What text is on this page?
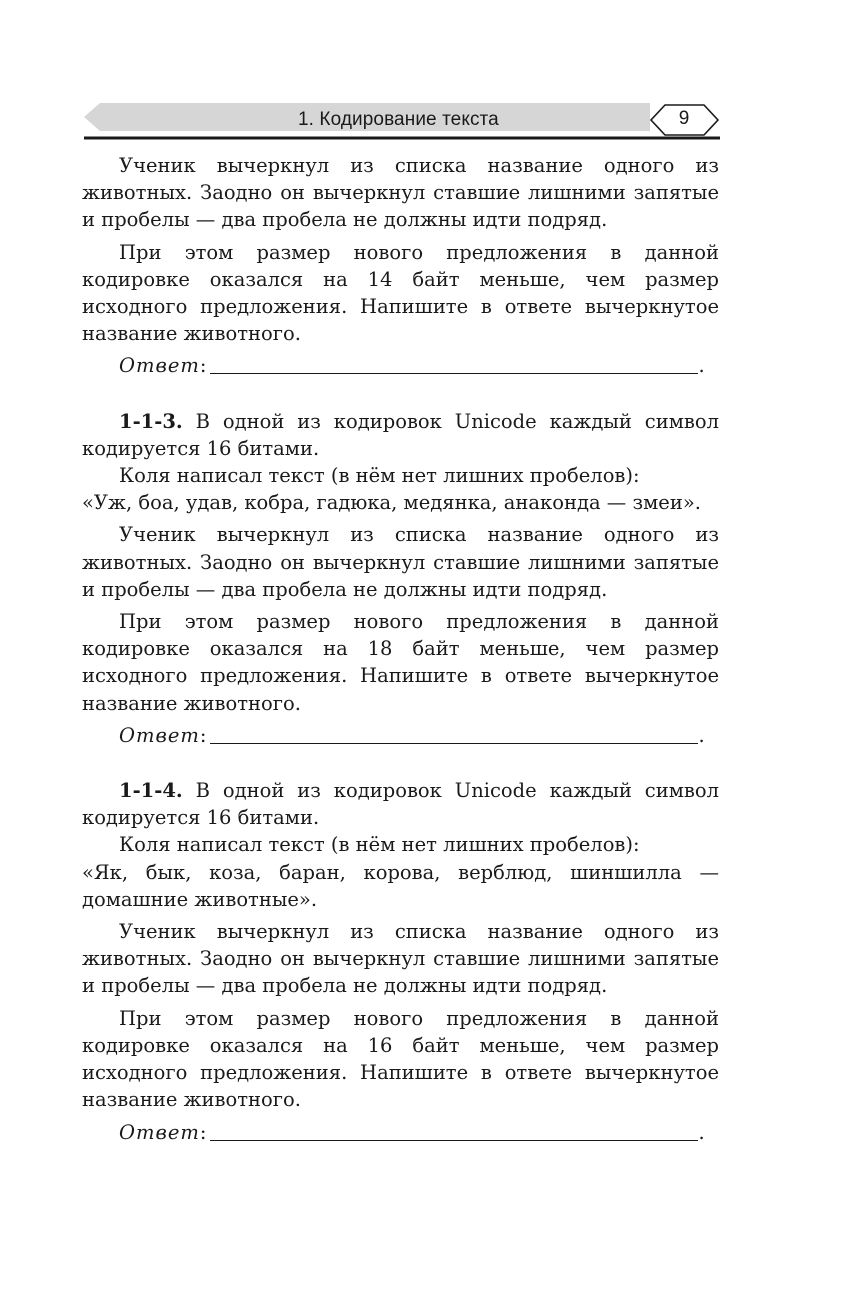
1. Кодирование текста	9

Ученик вычеркнул из списка название одного из животных. Заодно он вычеркнул ставшие лишними запятые и пробелы — два пробела не должны идти подряд.

При этом размер нового предложения в данной кодировке оказался на 14 байт меньше, чем размер исходного предложения. Напишите в ответе вычеркнутое название животного.

Ответ:	.

1-1-3. В одной из кодировок Unicode каждый символ кодируется 16 битами.

Коля написал текст (в нём нет лишних пробелов):

«Уж, боа, удав, кобра, гадюка, медянка, анаконда — змеи».

Ученик вычеркнул из списка название одного из животных. Заодно он вычеркнул ставшие лишними запятые и пробелы — два пробела не должны идти подряд.

При этом размер нового предложения в данной кодировке оказался на 18 байт меньше, чем размер исходного предложения. Напишите в ответе вычеркнутое название животного.

Ответ:	.

1-1-4. В одной из кодировок Unicode каждый символ кодируется 16 битами.

Коля написал текст (в нём нет лишних пробелов):

«Як, бык, коза, баран, корова, верблюд, шиншилла — домашние животные».

Ученик вычеркнул из списка название одного из животных. Заодно он вычеркнул ставшие лишними запятые и пробелы — два пробела не должны идти подряд.

При этом размер нового предложения в данной кодировке оказался на 16 байт меньше, чем размер исходного предложения. Напишите в ответе вычеркнутое название животного.

Ответ:	.
